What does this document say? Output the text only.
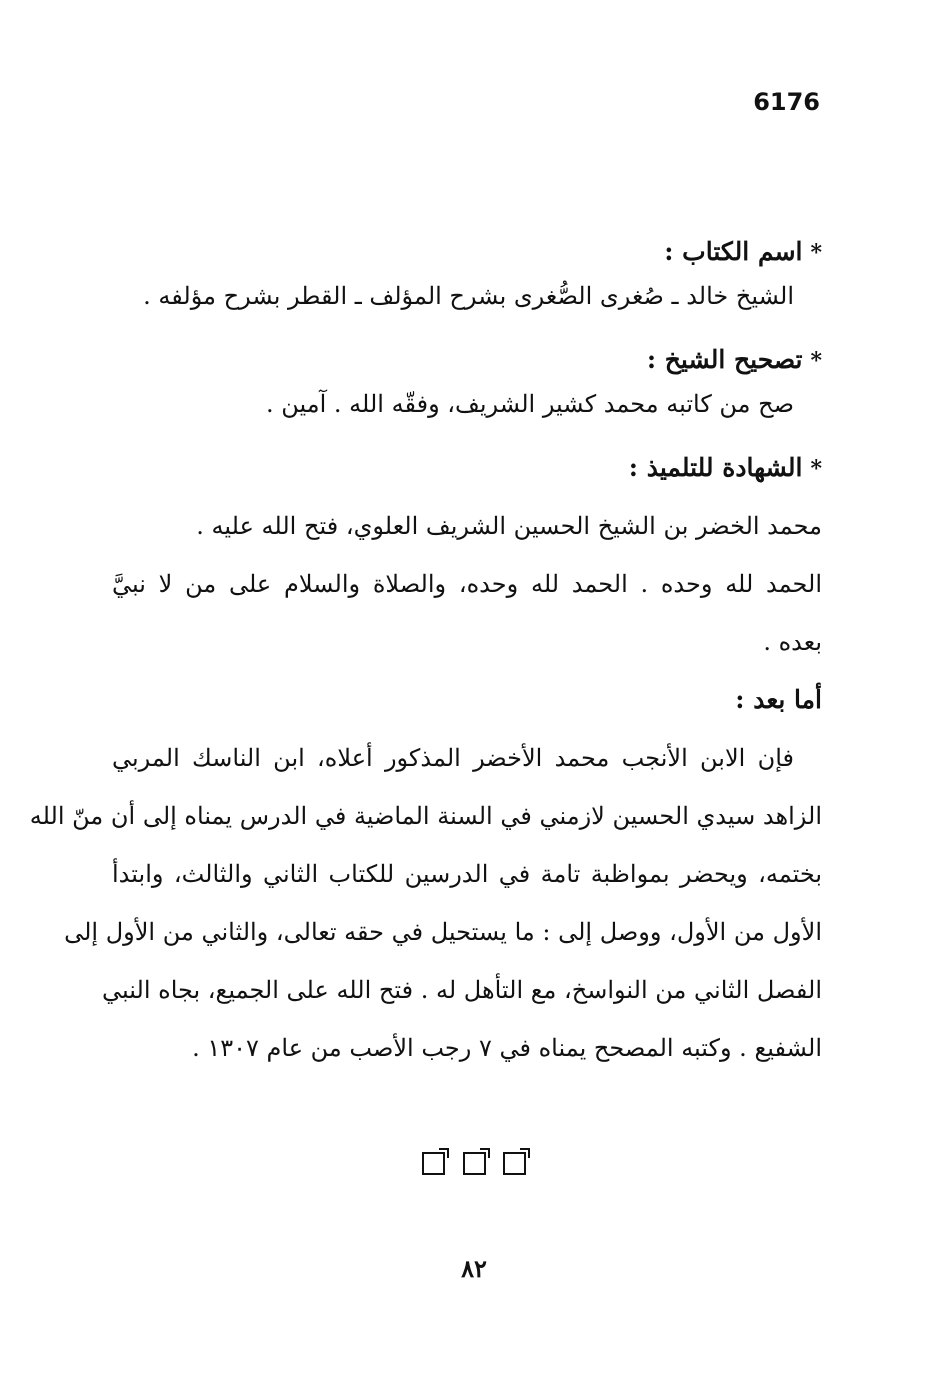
6176

*اسم الكتاب :

الشيخ خالد ـ صُغرى الصُّغرى بشرح المؤلف ـ القطر بشرح مؤلفه .

*تصحيح الشيخ :

صح من كاتبه محمد كشير الشريف، وفقّه الله . آمين .

*الشهادة للتلميذ :

محمد الخضر بن الشيخ الحسين الشريف العلوي، فتح الله عليه .

الحمد لله وحده . الحمد لله وحده، والصلاة والسلام على من لا نبيَّ

بعده .

أما بعد :

فإن الابن الأنجب محمد الأخضر المذكور أعلاه، ابن الناسك المربي

الزاهد سيدي الحسين لازمني في السنة الماضية في الدرس يمناه إلى أن منّ الله

بختمه، ويحضر بمواظبة تامة في الدرسين للكتاب الثاني والثالث، وابتدأ

الأول من الأول، ووصل إلى : ما يستحيل في حقه تعالى، والثاني من الأول إلى

الفصل الثاني من النواسخ، مع التأهل له . فتح الله على الجميع، بجاه النبي

الشفيع . وكتبه المصحح يمناه في ٧ رجب الأصب من عام ١٣٠٧ .

٨٢
